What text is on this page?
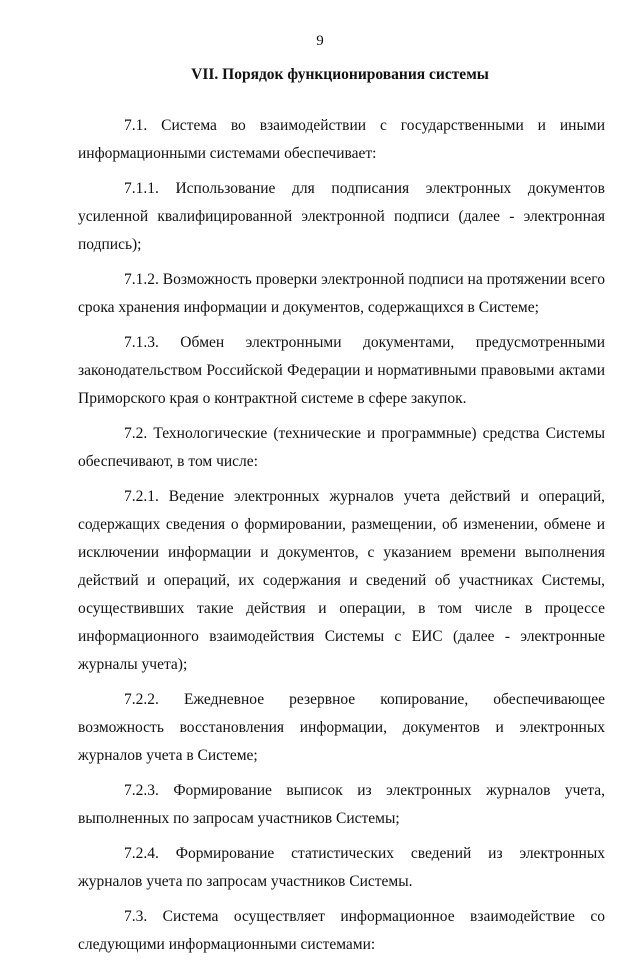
9
VII. Порядок функционирования системы

7.1. Система во взаимодействии с государственными и иными информационными системами обеспечивает:

7.1.1. Использование для подписания электронных документов усиленной квалифицированной электронной подписи (далее - электронная подпись);

7.1.2. Возможность проверки электронной подписи на протяжении всего срока хранения информации и документов, содержащихся в Системе;

7.1.3. Обмен электронными документами, предусмотренными законодательством Российской Федерации и нормативными правовыми актами Приморского края о контрактной системе в сфере закупок.

7.2. Технологические (технические и программные) средства Системы обеспечивают, в том числе:

7.2.1. Ведение электронных журналов учета действий и операций, содержащих сведения о формировании, размещении, об изменении, обмене и исключении информации и документов, с указанием времени выполнения действий и операций, их содержания и сведений об участниках Системы, осуществивших такие действия и операции, в том числе в процессе информационного взаимодействия Системы с ЕИС (далее - электронные журналы учета);

7.2.2. Ежедневное резервное копирование, обеспечивающее возможность восстановления информации, документов и электронных журналов учета в Системе;

7.2.3. Формирование выписок из электронных журналов учета, выполненных по запросам участников Системы;

7.2.4. Формирование статистических сведений из электронных журналов учета по запросам участников Системы.

7.3. Система осуществляет информационное взаимодействие со следующими информационными системами:
